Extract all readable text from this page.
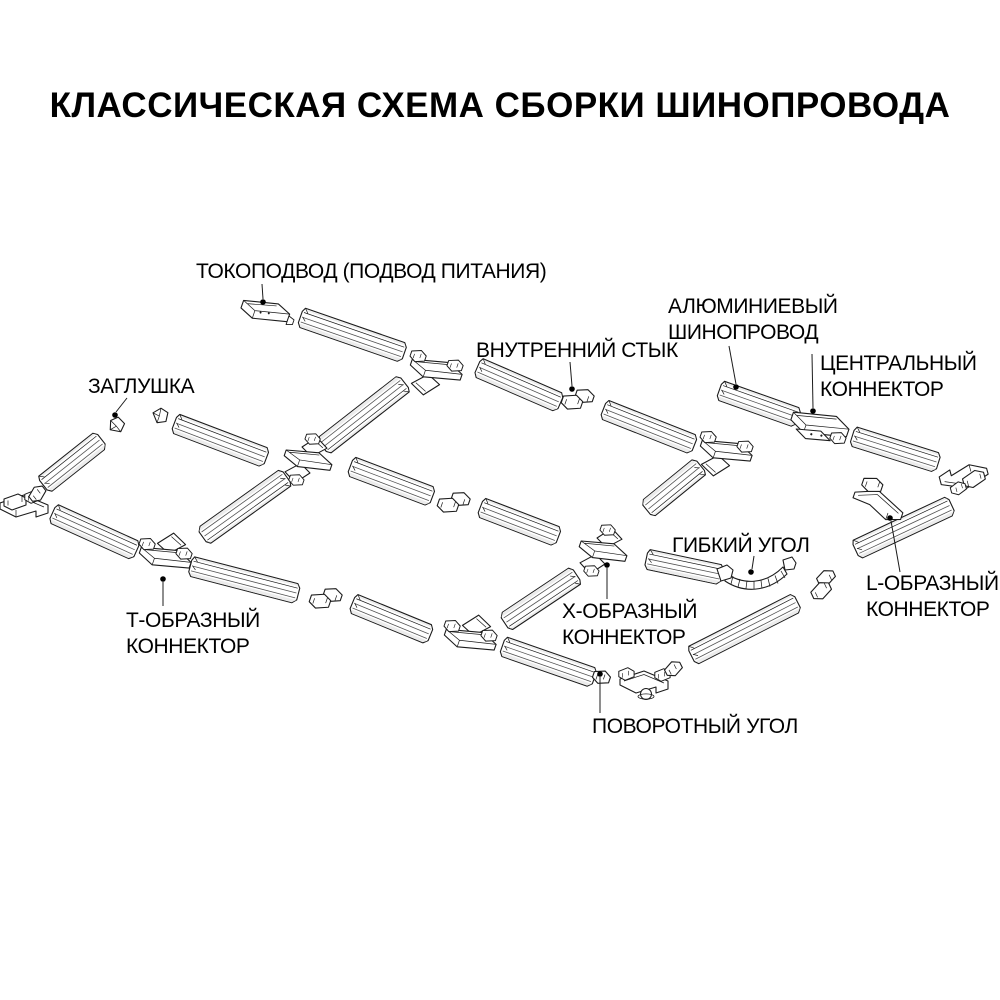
КЛАССИЧЕСКАЯ СХЕМА СБОРКИ ШИНОПРОВОДА
ТОКОПОДВОД (ПОДВОД ПИТАНИЯ)
ЗАГЛУШКА
ВНУТРЕННИЙ СТЫК
АЛЮМИНИЕВЫЙ
ШИНОПРОВОД
ЦЕНТРАЛЬНЫЙ
КОННЕКТОР
ГИБКИЙ УГОЛ
L-ОБРАЗНЫЙ
КОННЕКТОР
Т-ОБРАЗНЫЙ
КОННЕКТОР
Х-ОБРАЗНЫЙ
КОННЕКТОР
ПОВОРОТНЫЙ УГОЛ
